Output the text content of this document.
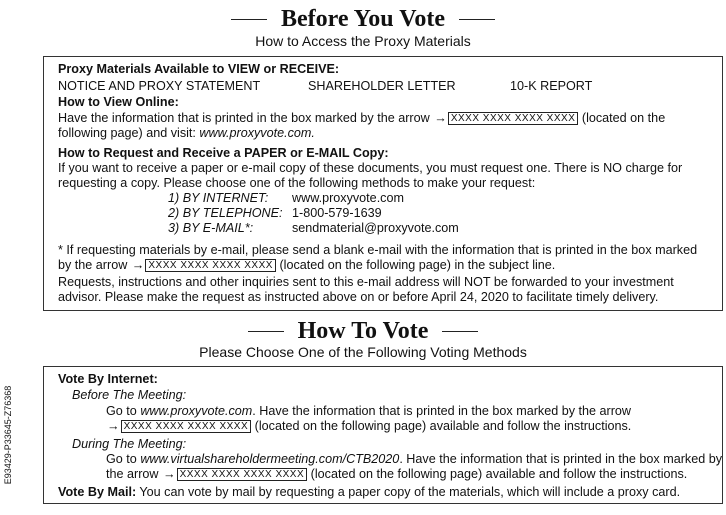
Before You Vote
How to Access the Proxy Materials
Proxy Materials Available to VIEW or RECEIVE:
NOTICE AND PROXY STATEMENT	SHAREHOLDER LETTER	10-K REPORT
How to View Online:
Have the information that is printed in the box marked by the arrow → XXXX XXXX XXXX XXXX (located on the
following page) and visit: www.proxyvote.com.
How to Request and Receive a PAPER or E-MAIL Copy:
If you want to receive a paper or e-mail copy of these documents, you must request one. There is NO charge for
requesting a copy. Please choose one of the following methods to make your request:
1) BY INTERNET: www.proxyvote.com
2) BY TELEPHONE: 1-800-579-1639
3) BY E-MAIL*:	sendmaterial@proxyvote.com
* If requesting materials by e-mail, please send a blank e-mail with the information that is printed in the box marked
by the arrow → XXXX XXXX XXXX XXXX (located on the following page) in the subject line.
Requests, instructions and other inquiries sent to this e-mail address will NOT be forwarded to your investment
advisor. Please make the request as instructed above on or before April 24, 2020 to facilitate timely delivery.
How To Vote
Please Choose One of the Following Voting Methods
Vote By Internet:
Before The Meeting:
Go to www.proxyvote.com. Have the information that is printed in the box marked by the arrow
→ XXXX XXXX XXXX XXXX (located on the following page) available and follow the instructions.
During The Meeting:
Go to www.virtualshareholdermeeting.com/CTB2020. Have the information that is printed in the box marked by
the arrow → XXXX XXXX XXXX XXXX (located on the following page) available and follow the instructions.
Vote By Mail: You can vote by mail by requesting a paper copy of the materials, which will include a proxy card.
E93429-P33645-Z76368
